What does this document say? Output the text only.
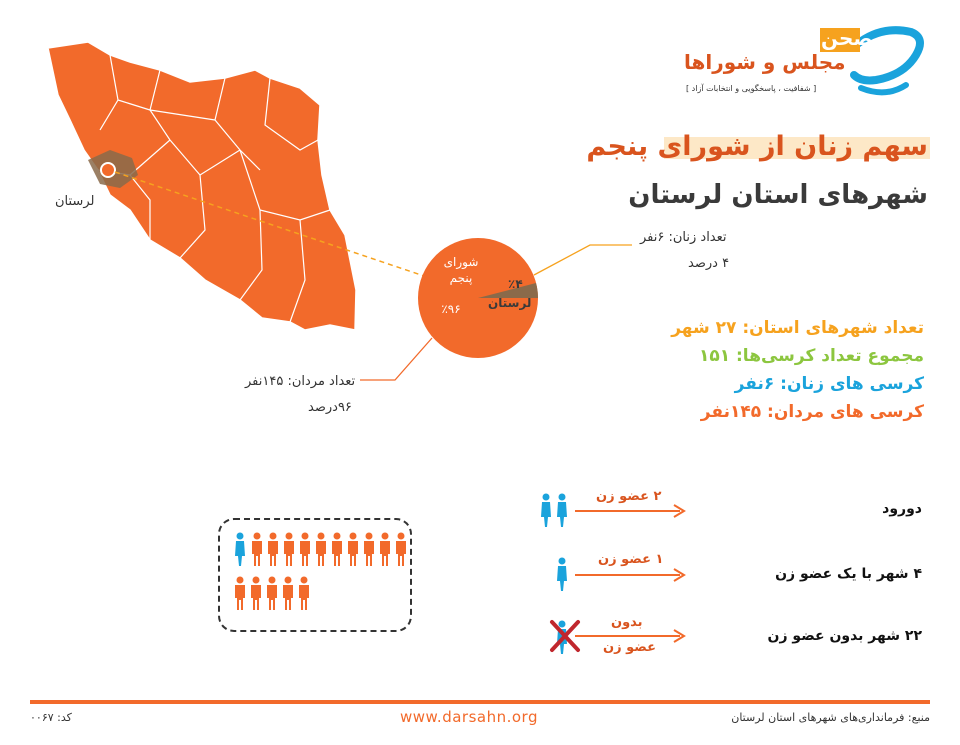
صحن
مجلس و شوراها
[ شفافیت ، پاسخگویی و انتخابات آزاد ]
سهم زنان از شورای پنجم
شهرهای استان لرستان
لرستان
شورای پنجم
٪۹۶
٪۴
لرستان
تعداد زنان: ۶نفر
۴ درصد
تعداد مردان: ۱۴۵نفر
۹۶درصد
تعداد شهرهای استان: ۲۷ شهر
مجموع تعداد کرسی‌ها: ۱۵۱
کرسی های زنان: ۶نفر
کرسی های مردان: ۱۴۵نفر
۲ عضو زن
دورود
۱ عضو زن
۴ شهر با یک عضو زن
بدون
عضو زن
۲۲ شهر بدون عضو زن
منبع: فرمانداری‌های شهرهای استان لرستان
www.darsahn.org
کد: ۰۰۶۷
